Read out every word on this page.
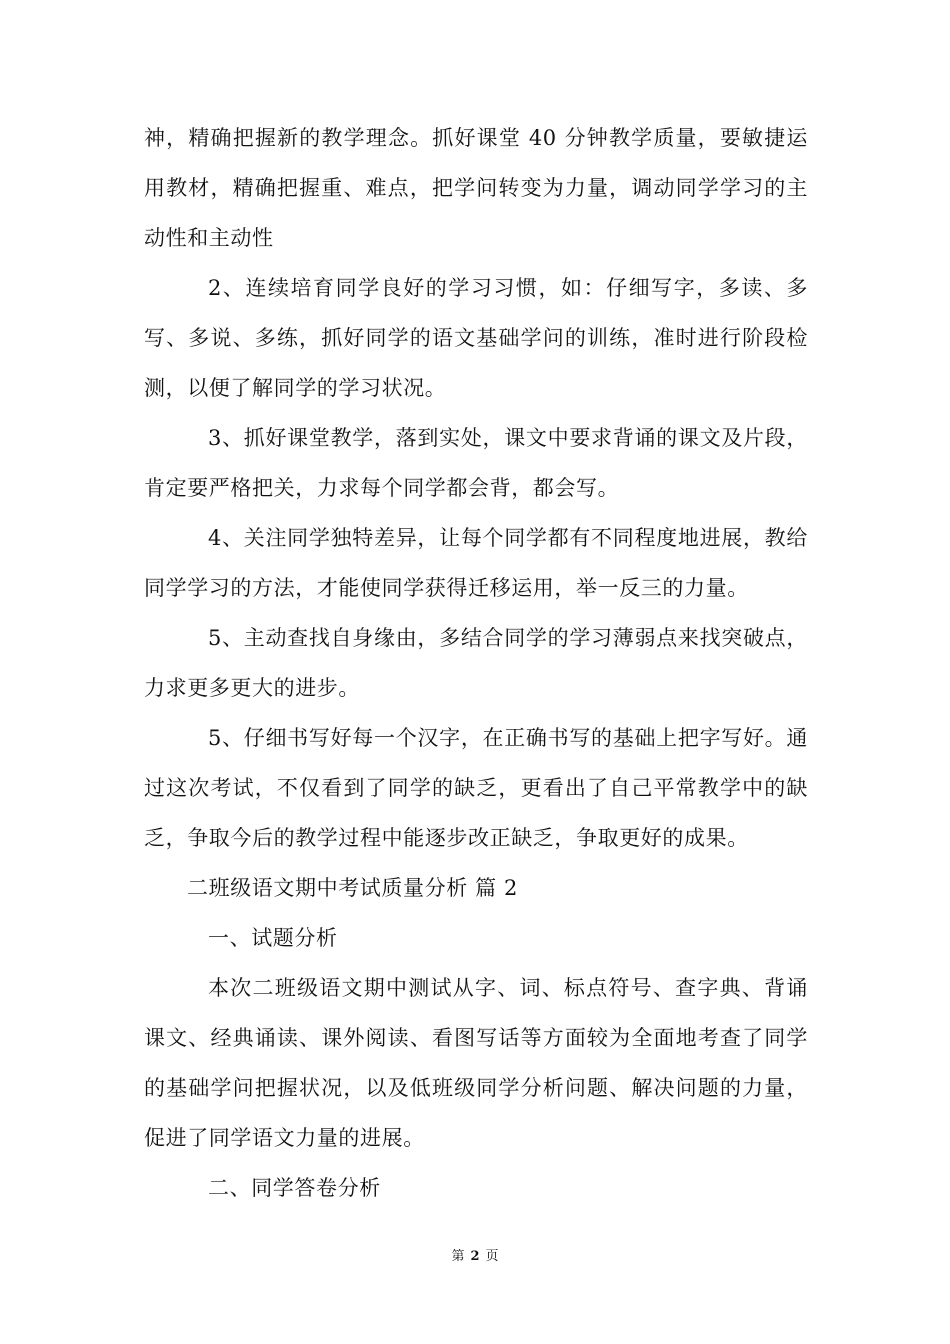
神，精确把握新的教学理念。抓好课堂 40 分钟教学质量，要敏捷运用教材，精确把握重、难点，把学问转变为力量，调动同学学习的主动性和主动性

2、连续培育同学良好的学习习惯，如：仔细写字，多读、多写、多说、多练，抓好同学的语文基础学问的训练，准时进行阶段检测，以便了解同学的学习状况。

3、抓好课堂教学，落到实处，课文中要求背诵的课文及片段，肯定要严格把关，力求每个同学都会背，都会写。

4、关注同学独特差异，让每个同学都有不同程度地进展，教给同学学习的方法，才能使同学获得迁移运用，举一反三的力量。

5、主动查找自身缘由，多结合同学的学习薄弱点来找突破点，力求更多更大的进步。

5、仔细书写好每一个汉字，在正确书写的基础上把字写好。通过这次考试，不仅看到了同学的缺乏，更看出了自己平常教学中的缺乏，争取今后的教学过程中能逐步改正缺乏，争取更好的成果。

二班级语文期中考试质量分析 篇 2

一、试题分析

本次二班级语文期中测试从字、词、标点符号、查字典、背诵课文、经典诵读、课外阅读、看图写话等方面较为全面地考查了同学的基础学问把握状况，以及低班级同学分析问题、解决问题的力量，促进了同学语文力量的进展。

二、同学答卷分析

第 2 页
